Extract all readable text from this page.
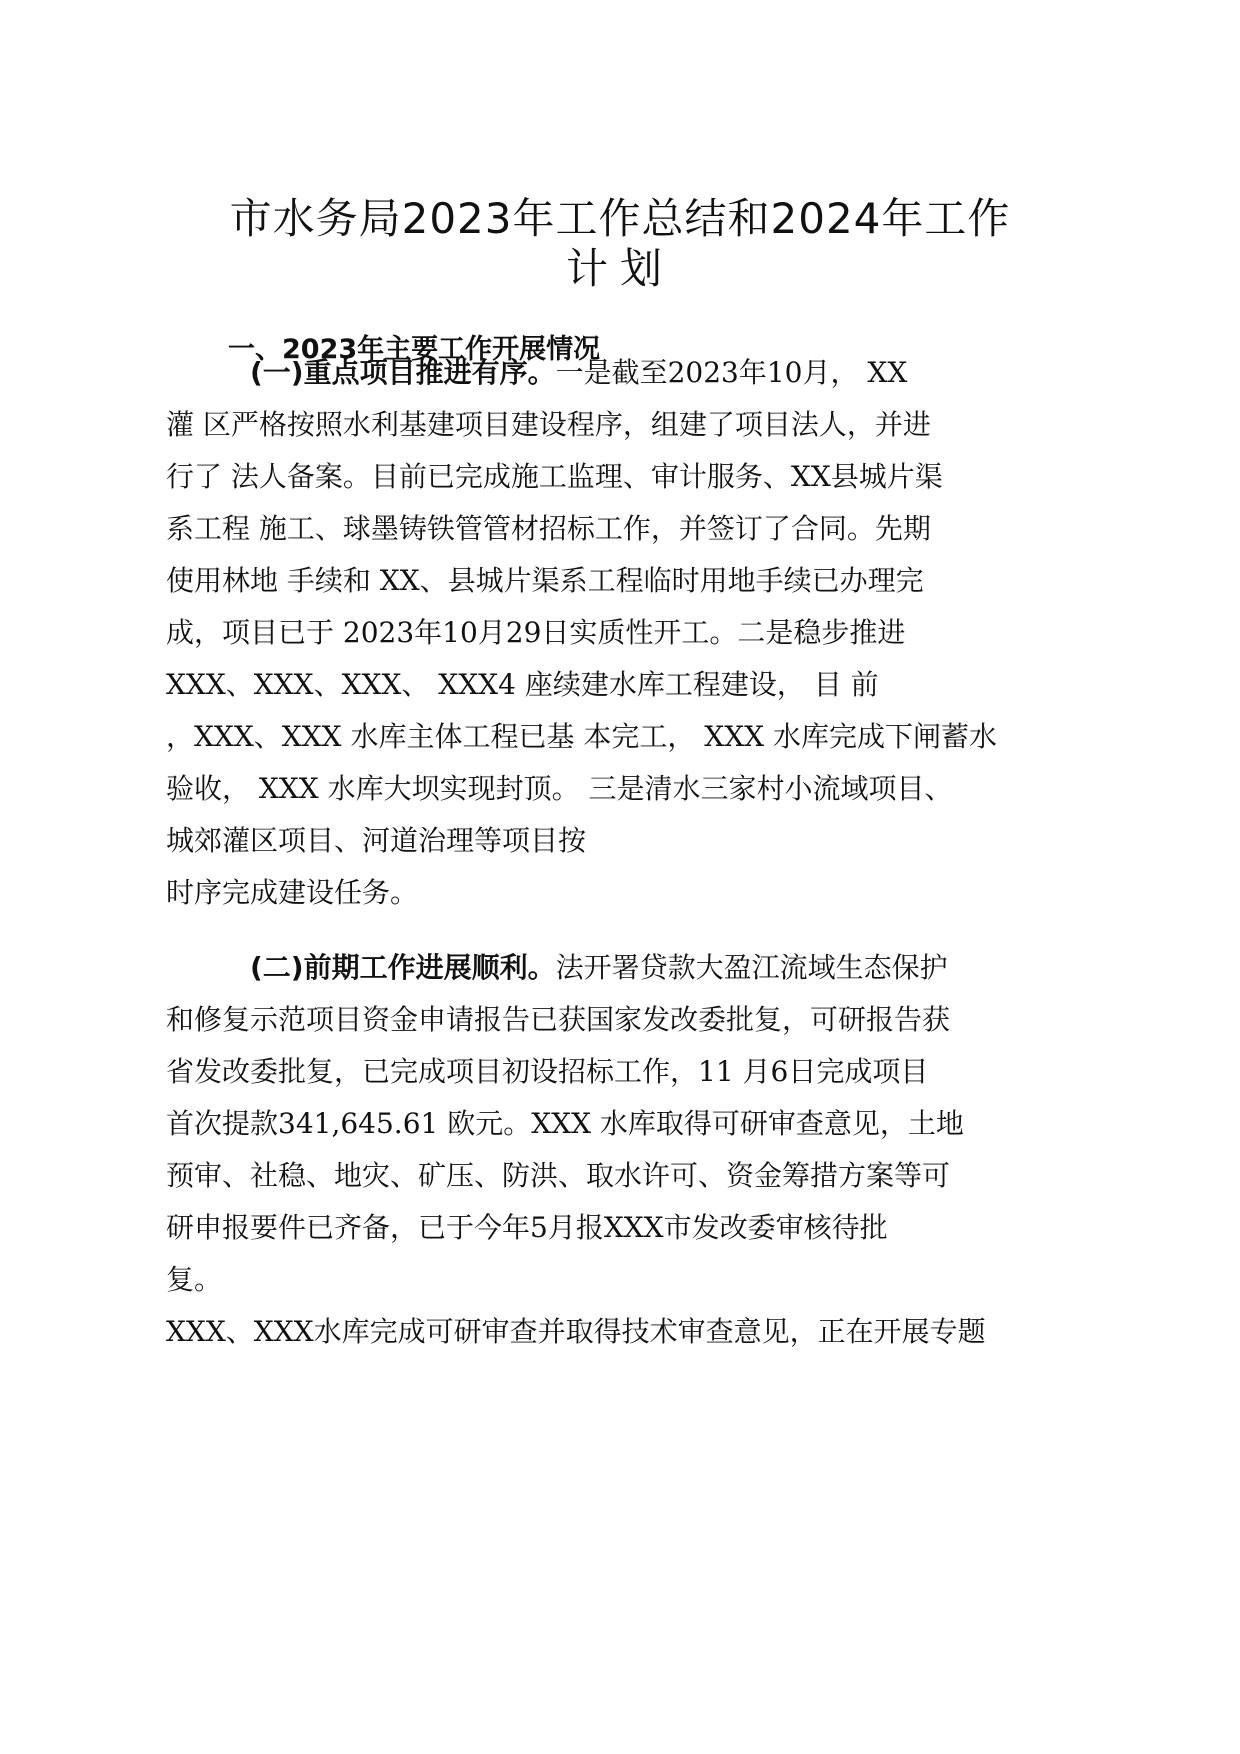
市水务局2023年工作总结和2024年工作
计划
一、2023年主要工作开展情况
(一)重点项目推进有序。一是截至2023年10月， XX
灌 区严格按照水利基建项目建设程序，组建了项目法人，并进
行了 法人备案。目前已完成施工监理、审计服务、XX县城片渠
系工程 施工、球墨铸铁管管材招标工作，并签订了合同。先期
使用林地 手续和 XX、县城片渠系工程临时用地手续已办理完
成，项目已于 2023年10月29日实质性开工。二是稳步推进
XXX、XXX、XXX、 XXX4 座续建水库工程建设， 目 前
，XXX、XXX 水库主体工程已基 本完工， XXX 水库完成下闸蓄水
验收， XXX 水库大坝实现封顶。 三是清水三家村小流域项目、
城郊灌区项目、河道治理等项目按
时序完成建设任务。
(二)前期工作进展顺利。法开署贷款大盈江流域生态保护
和修复示范项目资金申请报告已获国家发改委批复，可研报告获
省发改委批复，已完成项目初设招标工作，11 月6日完成项目
首次提款341,645.61 欧元。XXX 水库取得可研审查意见，土地
预审、社稳、地灾、矿压、防洪、取水许可、资金筹措方案等可
研申报要件已齐备，已于今年5月报XXX市发改委审核待批
复。
XXX、XXX水库完成可研审查并取得技术审查意见，正在开展专题
